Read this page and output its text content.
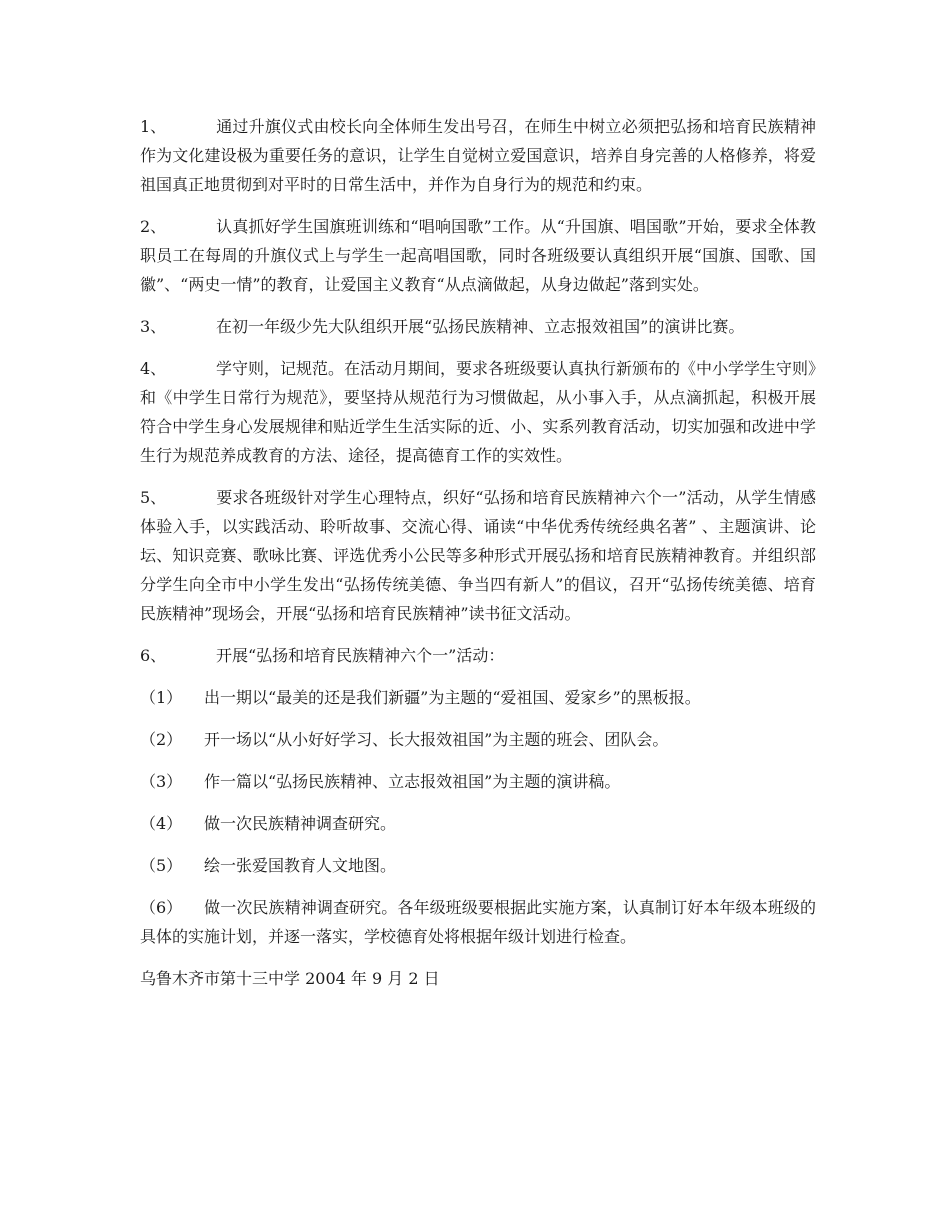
1、	通过升旗仪式由校长向全体师生发出号召，在师生中树立必须把弘扬和培育民族精神作为文化建设极为重要任务的意识，让学生自觉树立爱国意识，培养自身完善的人格修养，将爱祖国真正地贯彻到对平时的日常生活中，并作为自身行为的规范和约束。

2、	认真抓好学生国旗班训练和“唱响国歌”工作。从“升国旗、唱国歌”开始，要求全体教职员工在每周的升旗仪式上与学生一起高唱国歌，同时各班级要认真组织开展“国旗、国歌、国徽”、“两史一情”的教育，让爱国主义教育“从点滴做起，从身边做起”落到实处。

3、	在初一年级少先大队组织开展“弘扬民族精神、立志报效祖国”的演讲比赛。

4、	学守则，记规范。在活动月期间，要求各班级要认真执行新颁布的《中小学学生守则》和《中学生日常行为规范》，要坚持从规范行为习惯做起，从小事入手，从点滴抓起，积极开展符合中学生身心发展规律和贴近学生生活实际的近、小、实系列教育活动，切实加强和改进中学生行为规范养成教育的方法、途径，提高德育工作的实效性。

5、	要求各班级针对学生心理特点，织好“弘扬和培育民族精神六个一”活动，从学生情感体验入手，以实践活动、聆听故事、交流心得、诵读“中华优秀传统经典名著” 、主题演讲、论坛、知识竞赛、歌咏比赛、评选优秀小公民等多种形式开展弘扬和培育民族精神教育。并组织部分学生向全市中小学生发出“弘扬传统美德、争当四有新人”的倡议，召开“弘扬传统美德、培育民族精神”现场会，开展“弘扬和培育民族精神”读书征文活动。

6、	开展“弘扬和培育民族精神六个一”活动：

（1） 出一期以“最美的还是我们新疆”为主题的“爱祖国、爱家乡”的黑板报。

（2） 开一场以“从小好好学习、长大报效祖国”为主题的班会、团队会。

（3） 作一篇以“弘扬民族精神、立志报效祖国”为主题的演讲稿。

（4） 做一次民族精神调查研究。

（5） 绘一张爱国教育人文地图。

（6） 做一次民族精神调查研究。各年级班级要根据此实施方案，认真制订好本年级本班级的具体的实施计划，并逐一落实，学校德育处将根据年级计划进行检查。

乌鲁木齐市第十三中学 2004 年 9 月 2 日
